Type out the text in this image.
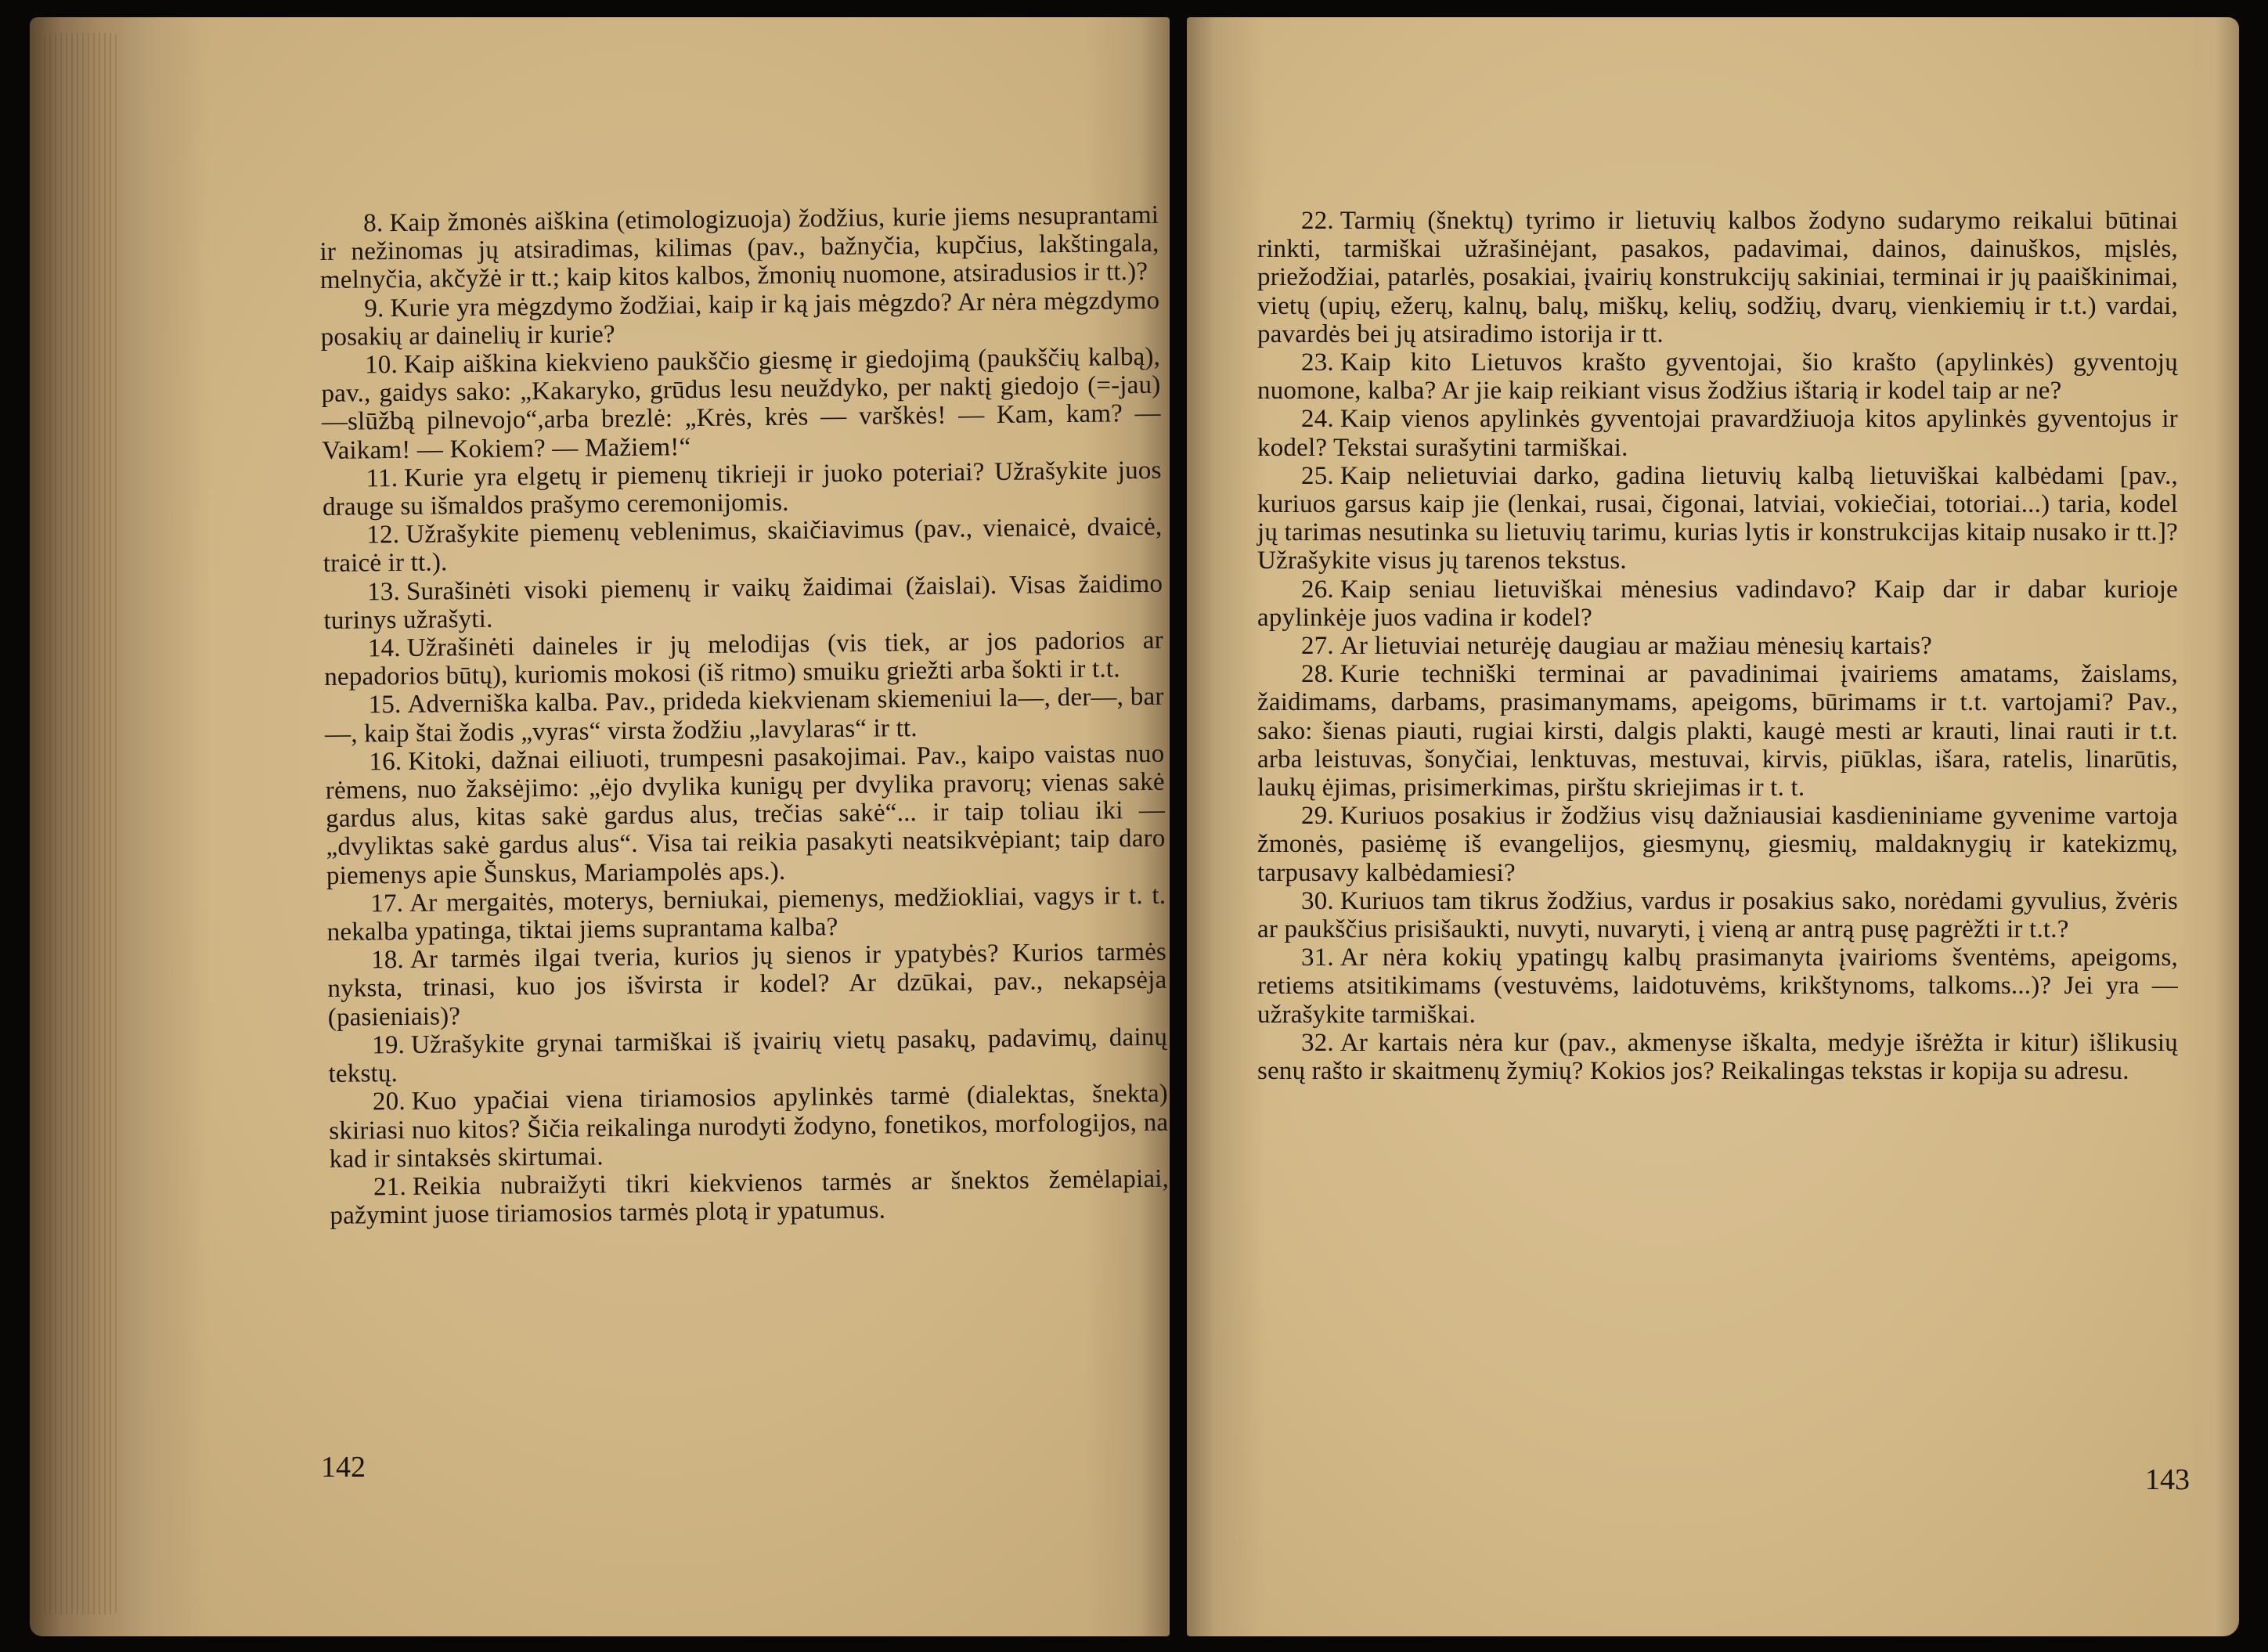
8. Kaip žmonės aiškina (etimologizuoja) žodžius, kurie jiems nesuprantami ir nežinomas jų atsiradimas, kilimas (pav., bažnyčia, kupčius, lakštingala, melnyčia, akčyžė ir tt.; kaip kitos kalbos, žmonių nuomone, atsiradusios ir tt.)?

9. Kurie yra mėgzdymo žodžiai, kaip ir ką jais mėgzdo? Ar nėra mėgzdymo posakių ar dainelių ir kurie?

10. Kaip aiškina kiekvieno paukščio giesmę ir giedojimą (paukščių kalbą), pav., gaidys sako: „Kakaryko, grūdus lesu neuždyko, per naktį giedojo (=-jau)—slūžbą pilnevojo“,arba brezlė: „Krės, krės — varškės! — Kam, kam? — Vaikam! — Kokiem? — Mažiem!“

11. Kurie yra elgetų ir piemenų tikrieji ir juoko poteriai? Užrašykite juos drauge su išmaldos prašymo ceremonijomis.

12. Užrašykite piemenų veblenimus, skaičiavimus (pav., vienaicė, dvaicė, traicė ir tt.).

13. Surašinėti visoki piemenų ir vaikų žaidimai (žaislai). Visas žaidimo turinys užrašyti.

14. Užrašinėti daineles ir jų melodijas (vis tiek, ar jos padorios ar nepadorios būtų), kuriomis mokosi (iš ritmo) smuiku griežti arba šokti ir t.t.

15. Adverniška kalba. Pav., prideda kiekvienam skiemeniui la—, der—, bar—, kaip štai žodis „vyras“ virsta žodžiu „lavylaras“ ir tt.

16. Kitoki, dažnai eiliuoti, trumpesni pasakojimai. Pav., kaipo vaistas nuo rėmens, nuo žaksėjimo: „ėjo dvylika kunigų per dvylika pravorų; vienas sakė gardus alus, kitas sakė gardus alus, trečias sakė“... ir taip toliau iki — „dvyliktas sakė gardus alus“. Visa tai reikia pasakyti neatsikvėpiant; taip daro piemenys apie Šunskus, Mariampolės aps.).

17. Ar mergaitės, moterys, berniukai, piemenys, medžiokliai, vagys ir t. t. nekalba ypatinga, tiktai jiems suprantama kalba?

18. Ar tarmės ilgai tveria, kurios jų sienos ir ypatybės? Kurios tarmės nyksta, trinasi, kuo jos išvirsta ir kodel? Ar dzūkai, pav., nekapsėja (pasieniais)?

19. Užrašykite grynai tarmiškai iš įvairių vietų pasakų, padavimų, dainų tekstų.

20. Kuo ypačiai viena tiriamosios apylinkės tarmė (dialektas, šnekta) skiriasi nuo kitos? Šičia reikalinga nurodyti žodyno, fonetikos, morfologijos, na kad ir sintaksės skirtumai.

21. Reikia nubraižyti tikri kiekvienos tarmės ar šnektos žemėlapiai, pažymint juose tiriamosios tarmės plotą ir ypatumus.

142

22. Tarmių (šnektų) tyrimo ir lietuvių kalbos žodyno sudarymo reikalui būtinai rinkti, tarmiškai užrašinėjant, pasakos, padavimai, dainos, dainuškos, mįslės, priežodžiai, patarlės, posakiai, įvairių konstrukcijų sakiniai, terminai ir jų paaiškinimai, vietų (upių, ežerų, kalnų, balų, miškų, kelių, sodžių, dvarų, vienkiemių ir t.t.) vardai, pavardės bei jų atsiradimo istorija ir tt.

23. Kaip kito Lietuvos krašto gyventojai, šio krašto (apylinkės) gyventojų nuomone, kalba? Ar jie kaip reikiant visus žodžius ištarią ir kodel taip ar ne?

24. Kaip vienos apylinkės gyventojai pravardžiuoja kitos apylinkės gyventojus ir kodel? Tekstai surašytini tarmiškai.

25. Kaip nelietuviai darko, gadina lietuvių kalbą lietuviškai kalbėdami [pav., kuriuos garsus kaip jie (lenkai, rusai, čigonai, latviai, vokiečiai, totoriai...) taria, kodel jų tarimas nesutinka su lietuvių tarimu, kurias lytis ir konstrukcijas kitaip nusako ir tt.]? Užrašykite visus jų tarenos tekstus.

26. Kaip seniau lietuviškai mėnesius vadindavo? Kaip dar ir dabar kurioje apylinkėje juos vadina ir kodel?

27. Ar lietuviai neturėję daugiau ar mažiau mėnesių kartais?

28. Kurie techniški terminai ar pavadinimai įvairiems amatams, žaislams, žaidimams, darbams, prasimanymams, apeigoms, būrimams ir t.t. vartojami? Pav., sako: šienas piauti, rugiai kirsti, dalgis plakti, kaugė mesti ar krauti, linai rauti ir t.t. arba leistuvas, šonyčiai, lenktuvas, mestuvai, kirvis, piūklas, išara, ratelis, linarūtis, laukų ėjimas, prisimerkimas, pirštu skriejimas ir t. t.

29. Kuriuos posakius ir žodžius visų dažniausiai kasdieniniame gyvenime vartoja žmonės, pasiėmę iš evangelijos, giesmynų, giesmių, maldaknygių ir katekizmų, tarpusavy kalbėdamiesi?

30. Kuriuos tam tikrus žodžius, vardus ir posakius sako, norėdami gyvulius, žvėris ar paukščius prisišaukti, nuvyti, nuvaryti, į vieną ar antrą pusę pagrėžti ir t.t.?

31. Ar nėra kokių ypatingų kalbų prasimanyta įvairioms šventėms, apeigoms, retiems atsitikimams (vestuvėms, laidotuvėms, krikštynoms, talkoms...)? Jei yra — užrašykite tarmiškai.

32. Ar kartais nėra kur (pav., akmenyse iškalta, medyje išrėžta ir kitur) išlikusių senų rašto ir skaitmenų žymių? Kokios jos? Reikalingas tekstas ir kopija su adresu.

143
